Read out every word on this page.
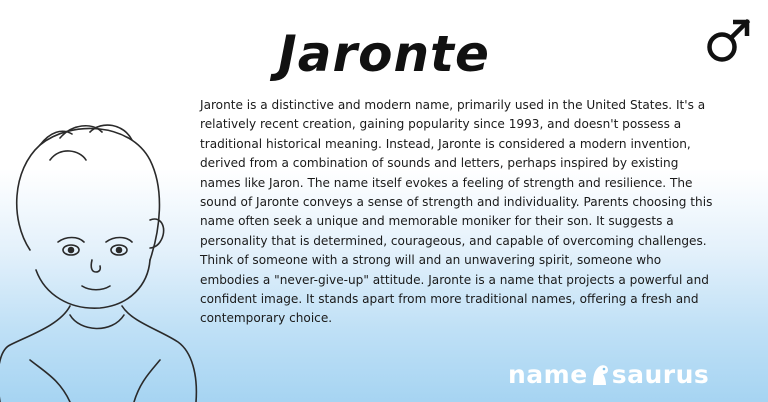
Jaronte
Jaronte is a distinctive and modern name, primarily used in the United States. It's a relatively recent creation, gaining popularity since 1993, and doesn't possess a traditional historical meaning. Instead, Jaronte is considered a modern invention, derived from a combination of sounds and letters, perhaps inspired by existing names like Jaron. The name itself evokes a feeling of strength and resilience. The sound of Jaronte conveys a sense of strength and individuality. Parents choosing this name often seek a unique and memorable moniker for their son. It suggests a personality that is determined, courageous, and capable of overcoming challenges. Think of someone with a strong will and an unwavering spirit, someone who embodies a "never-give-up" attitude. Jaronte is a name that projects a powerful and confident image. It stands apart from more traditional names, offering a fresh and contemporary choice.
name saurus
